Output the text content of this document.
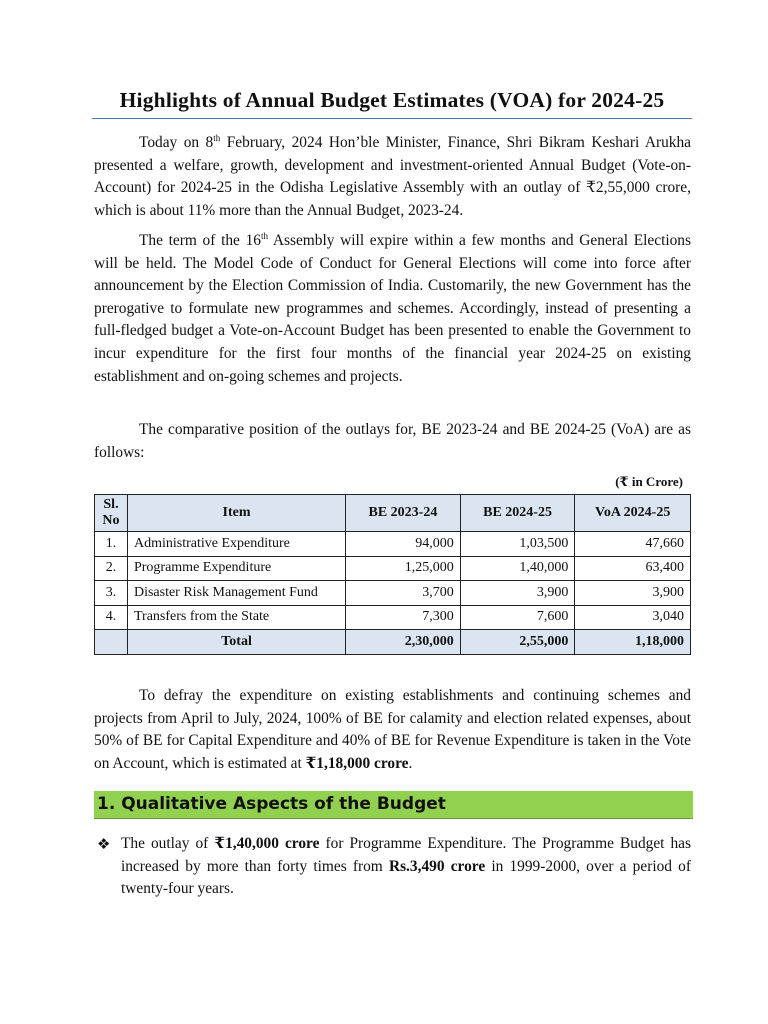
Highlights of Annual Budget Estimates (VOA) for 2024-25

Today on 8th February, 2024 Hon’ble Minister, Finance, Shri Bikram Keshari Arukha presented a welfare, growth, development and investment-oriented Annual Budget (Vote-on-Account) for 2024-25 in the Odisha Legislative Assembly with an outlay of ₹2,55,000 crore, which is about 11% more than the Annual Budget, 2023-24.

The term of the 16th Assembly will expire within a few months and General Elections will be held. The Model Code of Conduct for General Elections will come into force after announcement by the Election Commission of India. Customarily, the new Government has the prerogative to formulate new programmes and schemes. Accordingly, instead of presenting a full-fledged budget a Vote-on-Account Budget has been presented to enable the Government to incur expenditure for the first four months of the financial year 2024-25 on existing establishment and on-going schemes and projects.

The comparative position of the outlays for, BE 2023-24 and BE 2024-25 (VoA) are as follows:

(₹ in Crore)
Sl. No	Item	BE 2023-24	BE 2024-25	VoA 2024-25
1.	Administrative Expenditure	94,000	1,03,500	47,660
2.	Programme Expenditure	1,25,000	1,40,000	63,400
3.	Disaster Risk Management Fund	3,700	3,900	3,900
4.	Transfers from the State	7,300	7,600	3,040
	Total	2,30,000	2,55,000	1,18,000

To defray the expenditure on existing establishments and continuing schemes and projects from April to July, 2024, 100% of BE for calamity and election related expenses, about 50% of BE for Capital Expenditure and 40% of BE for Revenue Expenditure is taken in the Vote on Account, which is estimated at ₹1,18,000 crore.

1. Qualitative Aspects of the Budget
❖ The outlay of ₹1,40,000 crore for Programme Expenditure. The Programme Budget has increased by more than forty times from Rs.3,490 crore in 1999-2000, over a period of twenty-four years.
